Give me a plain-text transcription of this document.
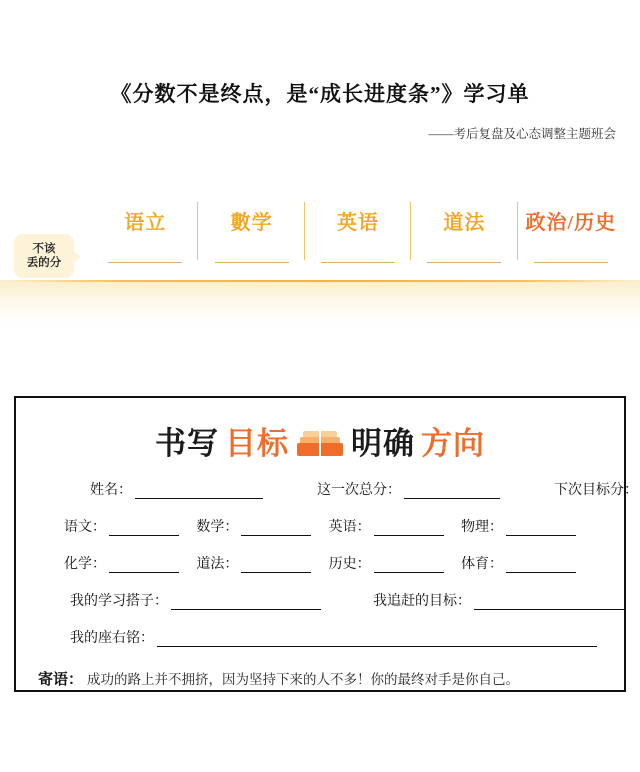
《分数不是终点，是“成长进度条”》学习单
——考后复盘及心态调整主题班会
不该
丢的分
语立	數学	英语	道法	政治/历史
书写 目标 明确 方向
姓名：	这一次总分：	下次目标分：
语文：	数学：	英语：	物理：
化学：	道法：	历史：	体育：
我的学习搭子：	我追赶的目标：
我的座右铭：
寄语： 成功的路上并不拥挤，因为坚持下来的人不多！你的最终对手是你自己。
